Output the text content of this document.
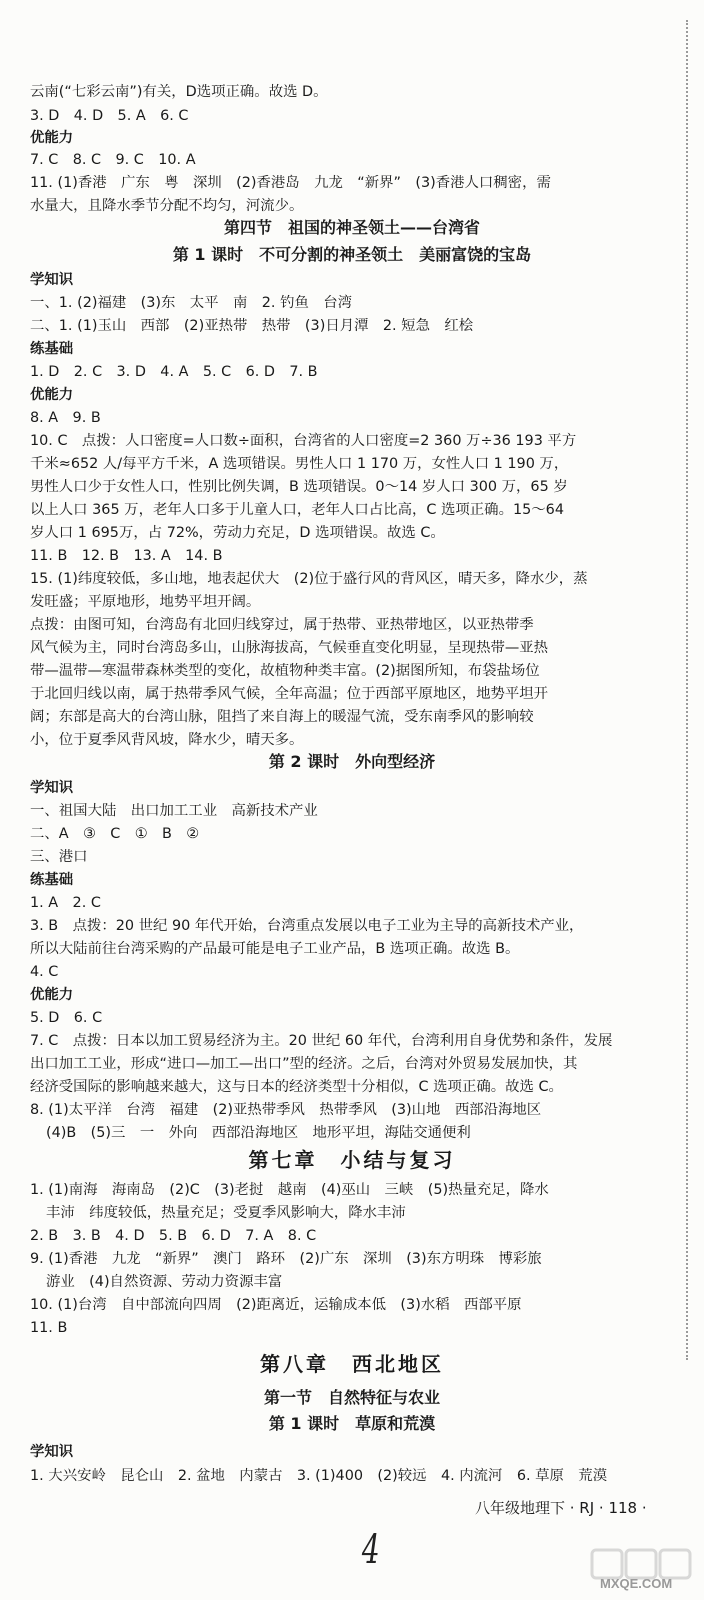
云南(“七彩云南”)有关，D选项正确。故选 D。
3. D　4. D　5. A　6. C
优能力
7. C　8. C　9. C　10. A
11. (1)香港　广东　粤　深圳　(2)香港岛　九龙　“新界”　(3)香港人口稠密，需
水量大，且降水季节分配不均匀，河流少。
第四节　祖国的神圣领土——台湾省
第 1 课时　不可分割的神圣领土　美丽富饶的宝岛
学知识
一、1. (2)福建　(3)东　太平　南　2. 钓鱼　台湾
二、1. (1)玉山　西部　(2)亚热带　热带　(3)日月潭　2. 短急　红桧
练基础
1. D　2. C　3. D　4. A　5. C　6. D　7. B
优能力
8. A　9. B
10. C　点拨：人口密度=人口数÷面积，台湾省的人口密度=2 360 万÷36 193 平方
千米≈652 人/每平方千米，A 选项错误。男性人口 1 170 万，女性人口 1 190 万，
男性人口少于女性人口，性别比例失调，B 选项错误。0～14 岁人口 300 万，65 岁
以上人口 365 万，老年人口多于儿童人口，老年人口占比高，C 选项正确。15～64
岁人口 1 695万，占 72%，劳动力充足，D 选项错误。故选 C。
11. B　12. B　13. A　14. B
15. (1)纬度较低，多山地，地表起伏大　(2)位于盛行风的背风区，晴天多，降水少，蒸
发旺盛；平原地形，地势平坦开阔。
点拨：由图可知，台湾岛有北回归线穿过，属于热带、亚热带地区，以亚热带季
风气候为主，同时台湾岛多山，山脉海拔高，气候垂直变化明显，呈现热带—亚热
带—温带—寒温带森林类型的变化，故植物种类丰富。(2)据图所知，布袋盐场位
于北回归线以南，属于热带季风气候，全年高温；位于西部平原地区，地势平坦开
阔；东部是高大的台湾山脉，阻挡了来自海上的暖湿气流，受东南季风的影响较
小，位于夏季风背风坡，降水少，晴天多。
第 2 课时　外向型经济
学知识
一、祖国大陆　出口加工工业　高新技术产业
二、A　③　C　①　B　②
三、港口
练基础
1. A　2. C
3. B　点拨：20 世纪 90 年代开始，台湾重点发展以电子工业为主导的高新技术产业，
所以大陆前往台湾采购的产品最可能是电子工业产品，B 选项正确。故选 B。
4. C
优能力
5. D　6. C
7. C　点拨：日本以加工贸易经济为主。20 世纪 60 年代，台湾利用自身优势和条件，发展
出口加工工业，形成“进口—加工—出口”型的经济。之后，台湾对外贸易发展加快，其
经济受国际的影响越来越大，这与日本的经济类型十分相似，C 选项正确。故选 C。
8. (1)太平洋　台湾　福建　(2)亚热带季风　热带季风　(3)山地　西部沿海地区
(4)B　(5)三　一　外向　西部沿海地区　地形平坦，海陆交通便利
第七章　小结与复习
1. (1)南海　海南岛　(2)C　(3)老挝　越南　(4)巫山　三峡　(5)热量充足，降水
丰沛　纬度较低，热量充足；受夏季风影响大，降水丰沛
2. B　3. B　4. D　5. B　6. D　7. A　8. C
9. (1)香港　九龙　“新界”　澳门　路环　(2)广东　深圳　(3)东方明珠　博彩旅
游业　(4)自然资源、劳动力资源丰富
10. (1)台湾　自中部流向四周　(2)距离近，运输成本低　(3)水稻　西部平原
11. B
第八章　西北地区
第一节　自然特征与农业
第 1 课时　草原和荒漠
学知识
1. 大兴安岭　昆仑山　2. 盆地　内蒙古　3. (1)400　(2)较远　4. 内流河　6. 草原　荒漠
八年级地理下 · RJ · 118 ·
4
MXQE.COM
